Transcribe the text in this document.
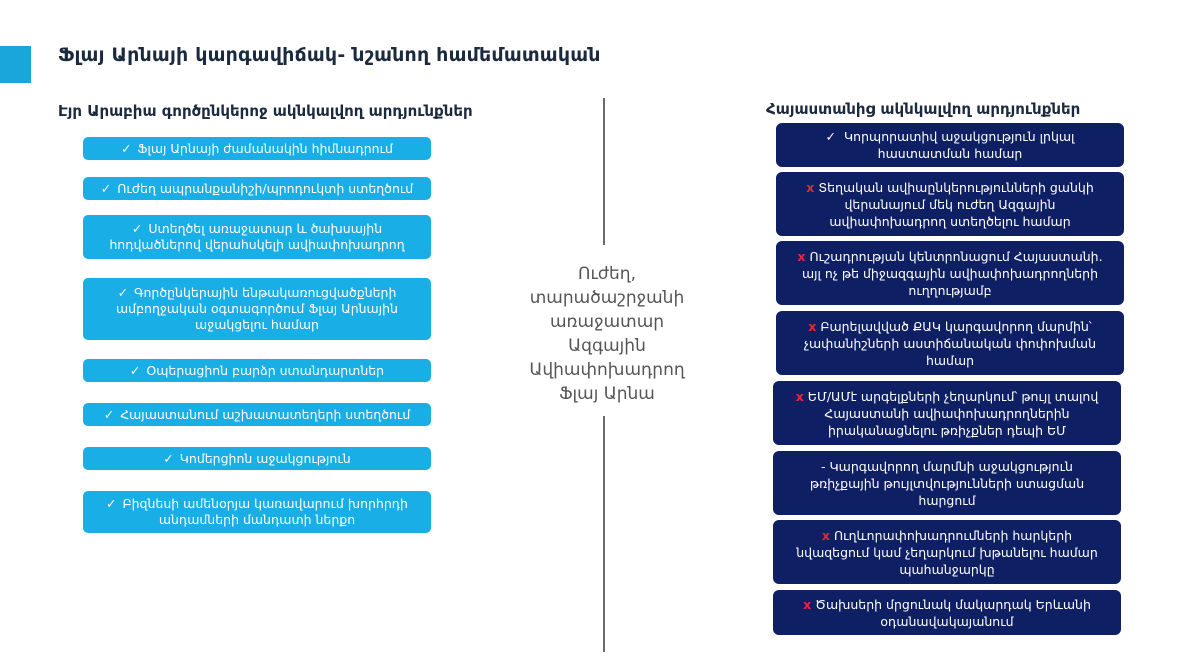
Ֆլայ Արնայի կարգավիճակ- նշանող համեմատական
Էյր Արաբիա գործընկերոջ ակնկալվող արդյունքներ	Հայաստանից ակնկալվող արդյունքներ
Ուժեղ,
տարածաշրջանի
առաջատար
Ազգային
Ավիափոխադրող
Ֆլայ Արնա
✓ Ֆլայ Արնայի ժամանակին հիմնադրում
✓ Ուժեղ ապրանքանիշի/պրոդուկտի ստեղծում
✓ Ստեղծել առաջատար և ծախսային հոդվածներով վերահսկելի ավիափոխադրող
✓ Գործընկերային ենթակառուցվածքների ամբողջական օգտագործում Ֆլայ Արնային աջակցելու համար
✓ Օպերացիոն բարձր ստանդարտներ
✓ Հայաստանում աշխատատեղերի ստեղծում
✓ Կոմերցիոն աջակցություն
✓ Բիզնեսի ամենօրյա կառավարում խորհրդի անդամների մանդատի ներքո
✓ Կորպորատիվ աջակցություն լրկալ հաստատման համար
x Տեղական ավիաընկերությունների ցանկի վերանայում մեկ ուժեղ Ազգային ավիափոխադրող ստեղծելու համար
x Ուշադրության կենտրոնացում Հայաստանի. այլ ոչ թե միջազգային ավիափոխադրողների ուղղությամբ
x Բարելավված ՔԱԿ կարգավորող մարմին՝ չափանիշների աստիճանական փոփոխման համար
x ԵՄ/ԱՄէ արգելքների չեղարկում՝ թույլ տալով Հայաստանի ավիափոխադրողներին իրականացնելու թռիչքներ դեպի ԵՄ
- Կարգավորող մարմնի աջակցություն թռիչքային թույլտվությունների ստացման հարցում
x Ուղևորափոխադրումների հարկերի նվազեցում կամ չեղարկում խթանելու համար պահանջարկը
x Ծախսերի մրցունակ մակարդակ Երևանի օդանավակայանում
